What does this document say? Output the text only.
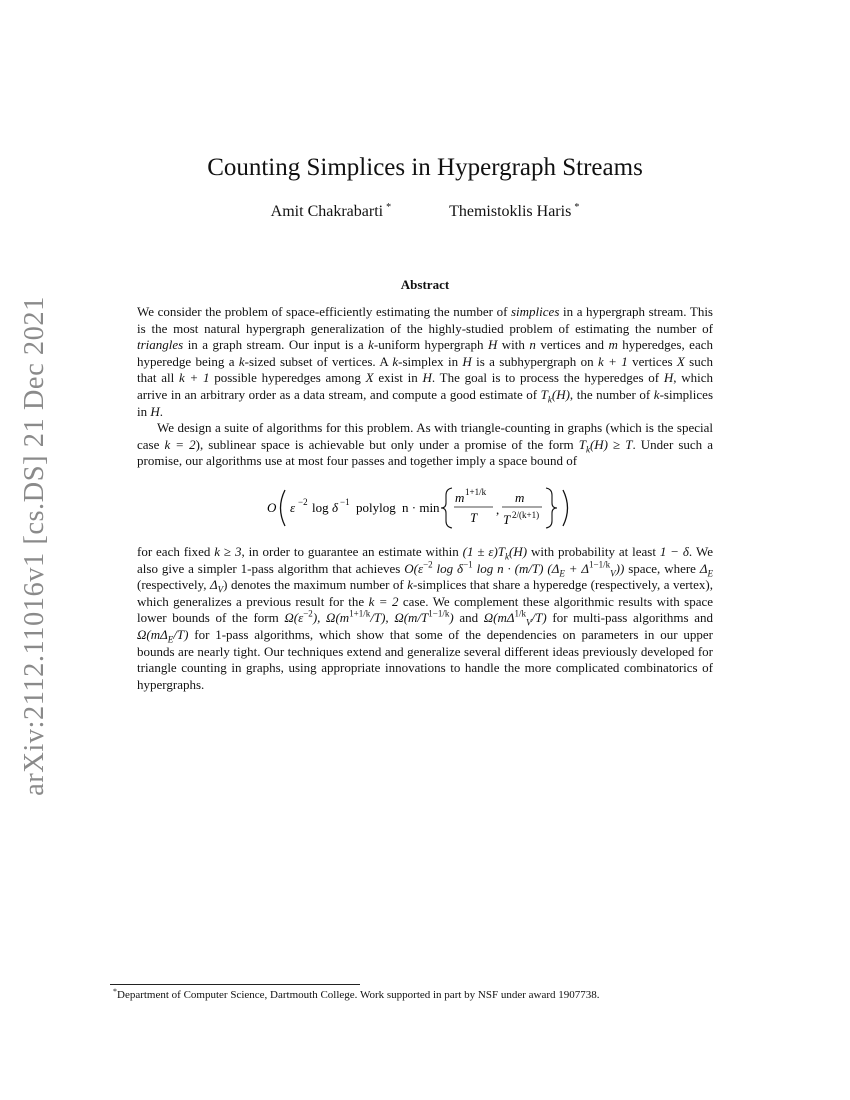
arXiv:2112.11016v1 [cs.DS] 21 Dec 2021
Counting Simplices in Hypergraph Streams
Amit Chakrabarti *	Themistoklis Haris *
Abstract

We consider the problem of space-efficiently estimating the number of simplices in a hypergraph stream. This is the most natural hypergraph generalization of the highly-studied problem of estimating the number of triangles in a graph stream. Our input is a k-uniform hypergraph H with n vertices and m hyperedges, each hyperedge being a k-sized subset of vertices. A k-simplex in H is a subhypergraph on k + 1 vertices X such that all k + 1 possible hyperedges among X exist in H. The goal is to process the hyperedges of H, which arrive in an arbitrary order as a data stream, and compute a good estimate of $T_k(H)$, the number of k-simplices in H.

We design a suite of algorithms for this problem. As with triangle-counting in graphs (which is the special case k = 2), sublinear space is achievable but only under a promise of the form $T_k(H) \ge T$. Under such a promise, our algorithms use at most four passes and together imply a space bound of

O ε −2 log δ −1 polylog n · min
m 1+1/k
T
,
m
T 2/(k+1)

for each fixed k ≥ 3, in order to guarantee an estimate within $(1 \pm \varepsilon)T_k(H)$ with probability at least 1 − δ. We also give a simpler 1-pass algorithm that achieves $O(\varepsilon^{-2}$ $\log \delta^{-1}$ log n · (m/T) $(\Delta_E + \Delta^{1-1/k}_V)$) space, where $\Delta_E$ (respectively, $\Delta_V$) denotes the maximum number of k-simplices that share a hyperedge (respectively, a vertex), which generalizes a previous result for the k = 2 case. We complement these algorithmic results with space lower bounds of the form $\Omega(\varepsilon^{-2})$, $\Omega(m^{1+1/k}/T)$, $\Omega(m/T^{1-1/k})$ and $\Omega(m\Delta^{1/k}_V/T)$ for multi-pass algorithms and $\Omega(m\Delta_E/T)$ for 1-pass algorithms, which show that some of the dependencies on parameters in our upper bounds are nearly tight. Our techniques extend and generalize several different ideas previously developed for triangle counting in graphs, using appropriate innovations to handle the more complicated combinatorics of hypergraphs.

*Department of Computer Science, Dartmouth College. Work supported in part by NSF under award 1907738.
